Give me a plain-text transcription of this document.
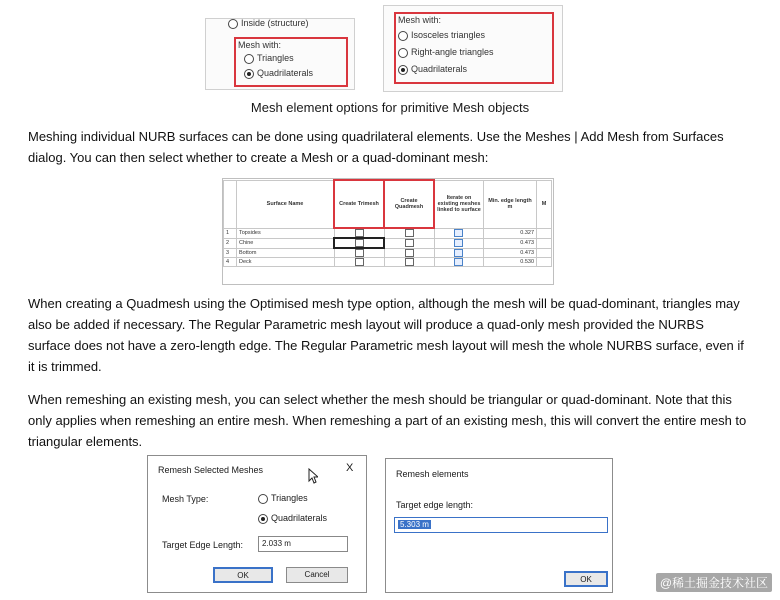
Inside (structure)
Mesh with:
Triangles
Quadrilaterals
Mesh with:
Isosceles triangles
Right-angle triangles
Quadrilaterals
Mesh element options for primitive Mesh objects
Meshing individual NURB surfaces can be done using quadrilateral elements. Use the Meshes | Add Mesh from Surfaces dialog. You can then select whether to create a Mesh or a quad-dominant mesh:
	Surface Name	Create Trimesh	Create Quadmesh	Iterate on existing meshes linked to surface	Min. edge length m	M
1	Topsides				0.327	
2	Chine				0.473	
3	Bottom				0.473	
4	Deck				0.530	
When creating a Quadmesh using the Optimised mesh type option, although the mesh will be quad-dominant, triangles may also be added if necessary. The Regular Parametric mesh layout will produce a quad-only mesh provided the NURBS surface does not have a zero-length edge. The Regular Parametric mesh layout will mesh the whole NURBS surface, even if it is trimmed.
When remeshing an existing mesh, you can select whether the mesh should be triangular or quad-dominant. Note that this only applies when remeshing an entire mesh. When remeshing a part of an existing mesh, this will convert the entire mesh to triangular elements.
Remesh Selected Meshes	X
Mesh Type:	Triangles
Quadrilaterals
Target Edge Length:	2.033 m
OK	Cancel
Remesh elements
Target edge length:
5.303 m
OK	@稀土掘金技术社区
